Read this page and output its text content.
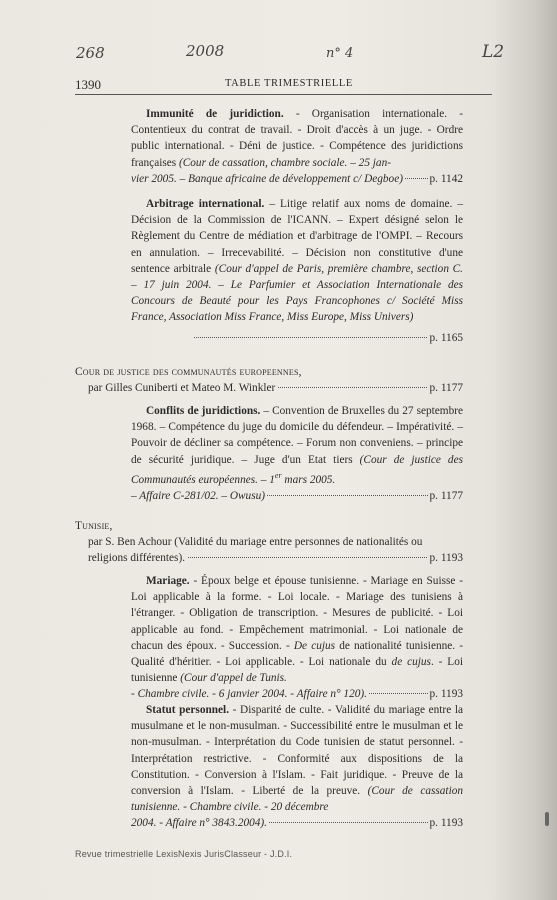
268	2008	n° 4	L2
1390	TABLE TRIMESTRIELLE
Immunité de juridiction. - Organisation internationale. - Contentieux du contrat de travail. - Droit d'accès à un juge. - Ordre public international. - Déni de justice. - Compétence des juridictions françaises (Cour de cassation, chambre sociale. – 25 jan-
vier 2005. – Banque africaine de développement c/ Degboe) p. 1142
Arbitrage international. – Litige relatif aux noms de domaine. – Décision de la Commission de l'ICANN. – Expert désigné selon le Règlement du Centre de médiation et d'arbitrage de l'OMPI. – Recours en annulation. – Irrecevabilité. – Décision non constitutive d'une sentence arbitrale (Cour d'appel de Paris, première chambre, section C. – 17 juin 2004. – Le Parfumier et Association Internationale des Concours de Beauté pour les Pays Francophones c/ Société Miss France, Association Miss France, Miss Europe, Miss Univers)
p. 1165
Cour de justice des communautés europeennes,
par Gilles Cuniberti et Mateo M. Winkler	p. 1177
Conflits de juridictions. – Convention de Bruxelles du 27 septembre 1968. – Compétence du juge du domicile du défendeur. – Impérativité. – Pouvoir de décliner sa compétence. – Forum non conveniens. – principe de sécurité juridique. – Juge d'un Etat tiers (Cour de justice des Communautés européennes. – 1er mars 2005.
– Affaire C-281/02. – Owusu)	p. 1177
Tunisie,
par S. Ben Achour (Validité du mariage entre personnes de nationalités ou
religions différentes).	p. 1193
Mariage. - Époux belge et épouse tunisienne. - Mariage en Suisse - Loi applicable à la forme. - Loi locale. - Mariage des tunisiens à l'étranger. - Obligation de transcription. - Mesures de publicité. - Loi applicable au fond. - Empêchement matrimonial. - Loi nationale de chacun des époux. - Succession. - De cujus de nationalité tunisienne. - Qualité d'héritier. - Loi applicable. - Loi nationale du de cujus. - Loi tunisienne (Cour d'appel de Tunis.
- Chambre civile. - 6 janvier 2004. - Affaire n° 120).	p. 1193
Statut personnel. - Disparité de culte. - Validité du mariage entre la musulmane et le non-musulman. - Successibilité entre le musulman et le non-musulman. - Interprétation du Code tunisien de statut personnel. - Interprétation restrictive. - Conformité aux dispositions de la Constitution. - Conversion à l'Islam. - Fait juridique. - Preuve de la conversion à l'Islam. - Liberté de la preuve. (Cour de cassation tunisienne. - Chambre civile. - 20 décembre
2004. - Affaire n° 3843.2004).	p. 1193
Revue trimestrielle LexisNexis JurisClasseur - J.D.I.
